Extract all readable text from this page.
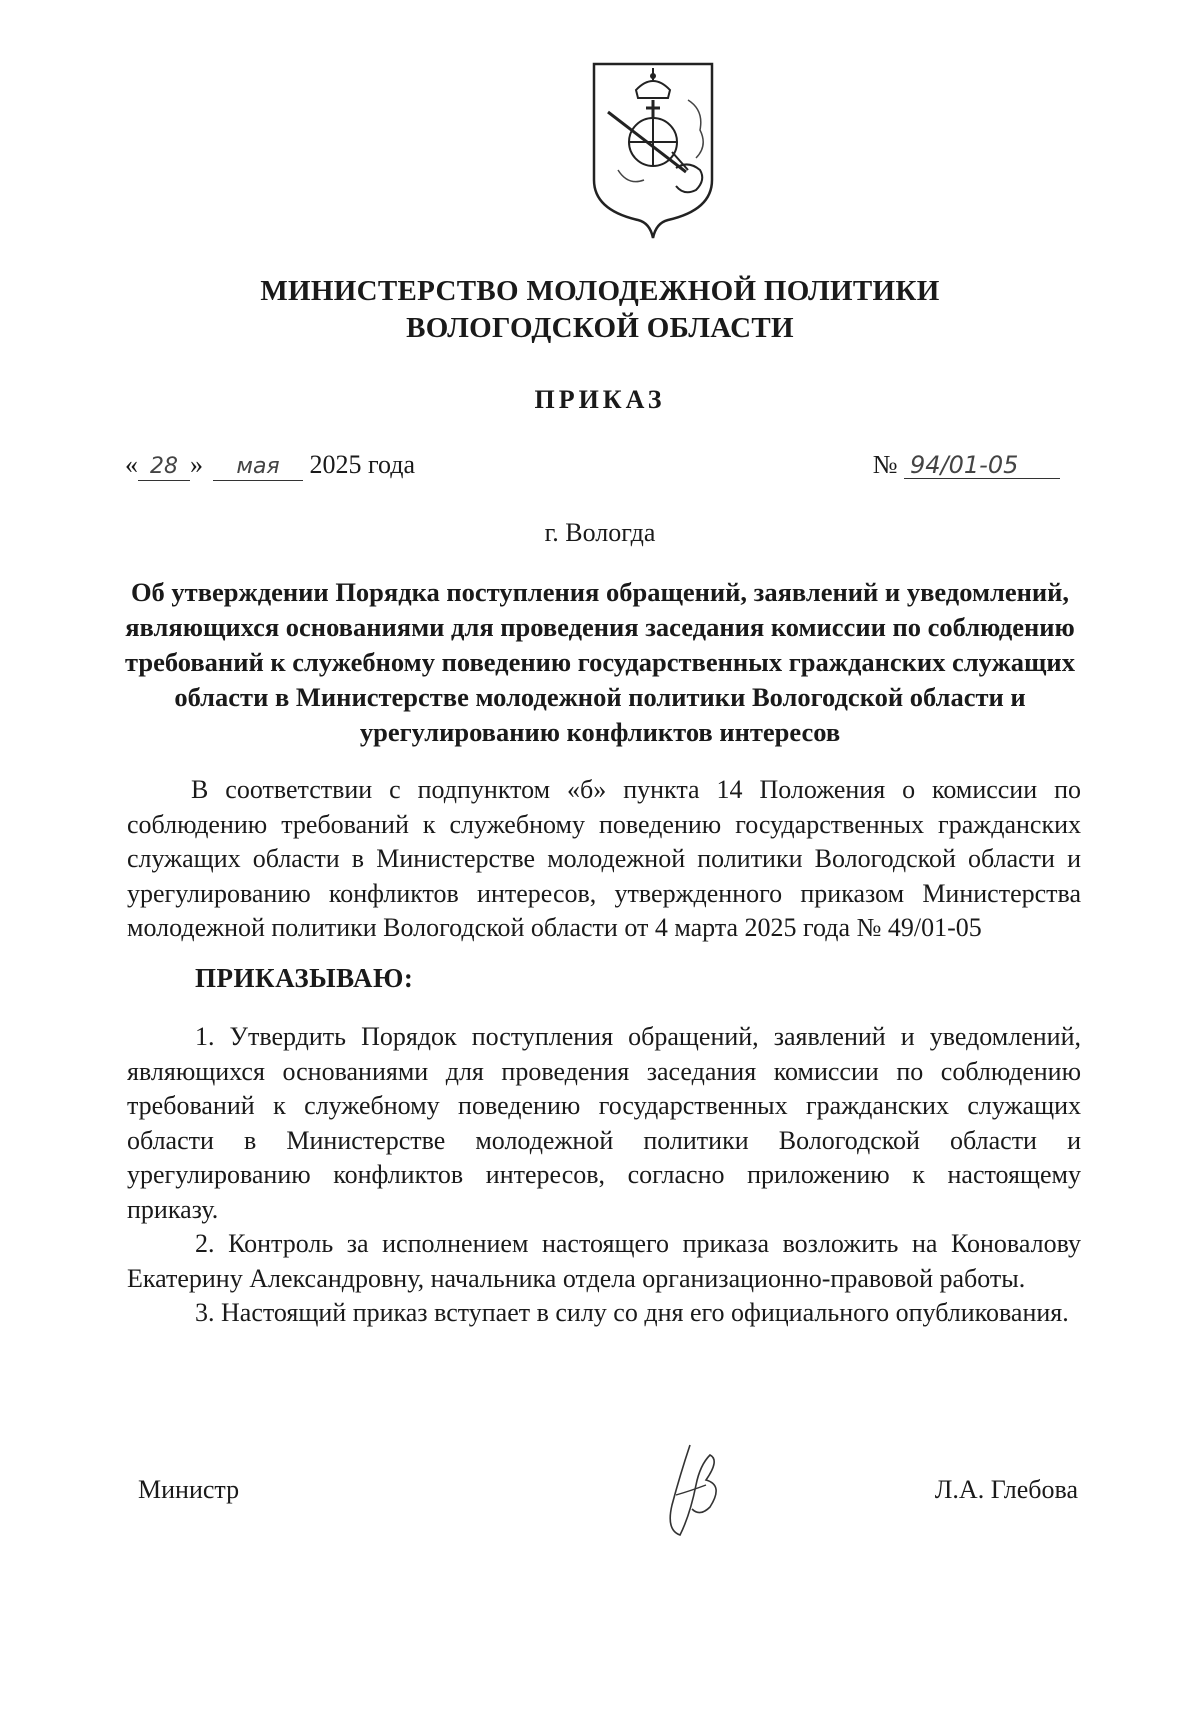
МИНИСТЕРСТВО МОЛОДЕЖНОЙ ПОЛИТИКИ
ВОЛОГОДСКОЙ ОБЛАСТИ
ПРИКАЗ
« 28 » мая 2025 года	№ 94/01-05
г. Вологда
Об утверждении Порядка поступления обращений, заявлений и уведомлений, являющихся основаниями для проведения заседания комиссии по соблюдению требований к служебному поведению государственных гражданских служащих области в Министерстве молодежной политики Вологодской области и урегулированию конфликтов интересов
В соответствии с подпунктом «б» пункта 14 Положения о комиссии по соблюдению требований к служебному поведению государственных гражданских служащих области в Министерстве молодежной политики Вологодской области и урегулированию конфликтов интересов, утвержденного приказом Министерства молодежной политики Вологодской области от 4 марта 2025 года № 49/01-05
ПРИКАЗЫВАЮ:

1. Утвердить Порядок поступления обращений, заявлений и уведомлений, являющихся основаниями для проведения заседания комиссии по соблюдению требований к служебному поведению государственных гражданских служащих области в Министерстве молодежной политики Вологодской области и урегулированию конфликтов интересов, согласно приложению к настоящему приказу.

2. Контроль за исполнением настоящего приказа возложить на Коновалову Екатерину Александровну, начальника отдела организационно-правовой работы.

3. Настоящий приказ вступает в силу со дня его официального опубликования.

Министр	Л.А. Глебова
